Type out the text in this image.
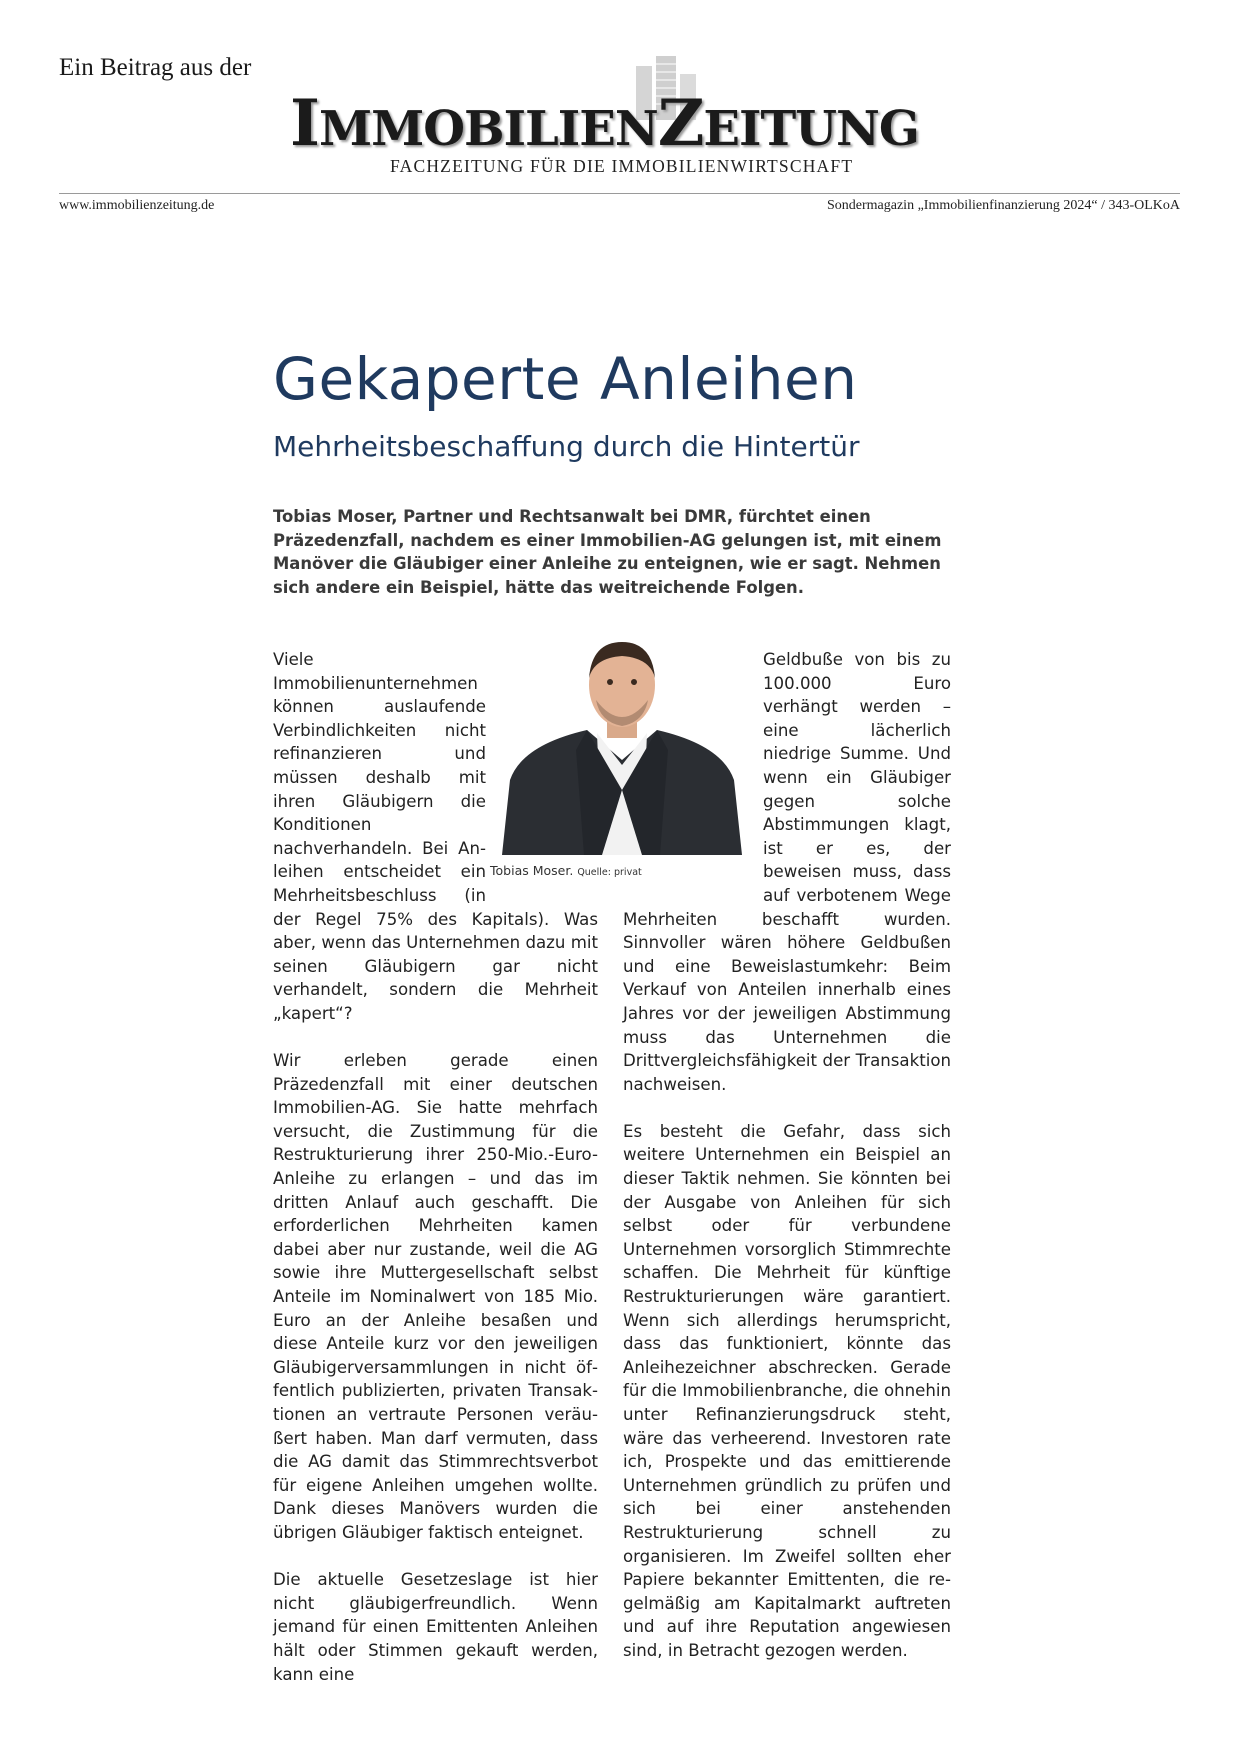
Ein Beitrag aus der
IMMOBILIENZEITUNG
FACHZEITUNG FÜR DIE IMMOBILIENWIRTSCHAFT
www.immobilienzeitung.de	Sondermagazin „Immobilienfinanzierung 2024“ / 343-OLKoA
Gekaperte Anleihen
Mehrheitsbeschaffung durch die Hintertür

Tobias Moser, Partner und Rechtsanwalt bei DMR, fürchtet einen Präzedenzfall, nachdem es einer Immobilien-AG gelungen ist, mit einem Manöver die Gläubiger einer Anleihe zu enteignen, wie er sagt. Nehmen sich andere ein Beispiel, hätte das weitreichende Folgen.

Viele Immobilienunternehmen können auslaufende Verbindlichkeiten nicht refinanzieren und müssen deshalb mit ihren Gläubigern die Konditionen nachverhandeln. Bei Anleihen entscheidet ein Mehrheitsbeschluss (in der Regel 75% des Kapitals). Was aber, wenn das Unternehmen dazu mit seinen Gläubigern gar nicht verhandelt, sondern die Mehrheit „kapert“?

Wir erleben gerade einen Präzedenzfall mit einer deutschen Immobilien-AG. Sie hatte mehrfach versucht, die Zustimmung für die Restrukturierung ihrer 250-Mio.-Euro-Anleihe zu erlangen – und das im dritten Anlauf auch geschafft. Die erforderlichen Mehrheiten kamen dabei aber nur zustande, weil die AG sowie ihre Muttergesellschaft selbst Anteile im Nominalwert von 185 Mio. Euro an der Anleihe besaßen und diese Anteile kurz vor den jeweiligen Gläubigerversammlungen in nicht öffentlich publizierten, privaten Transaktionen an vertraute Personen veräußert haben. Man darf vermuten, dass die AG damit das Stimmrechtsverbot für eigene Anleihen umgehen wollte. Dank dieses Manövers wurden die übrigen Gläubiger faktisch enteignet.

Die aktuelle Gesetzeslage ist hier nicht gläubigerfreundlich. Wenn jemand für einen Emittenten Anleihen hält oder Stimmen gekauft werden, kann eine

Geldbuße von bis zu 100.000 Euro verhängt werden – eine lächerlich niedrige Summe. Und wenn ein Gläubiger gegen solche Abstimmungen klagt, ist er es, der beweisen muss, dass auf verbotenem Wege Mehrheiten beschafft wurden. Sinnvoller wären höhere Geldbußen und eine Beweislastumkehr: Beim Verkauf von Anteilen innerhalb eines Jahres vor der jeweiligen Abstimmung muss das Unternehmen die Drittvergleichsfähigkeit der Transaktion nachweisen.

Es besteht die Gefahr, dass sich weitere Unternehmen ein Beispiel an dieser Taktik nehmen. Sie könnten bei der Ausgabe von Anleihen für sich selbst oder für verbundene Unternehmen vorsorglich Stimmrechte schaffen. Die Mehrheit für künftige Restrukturierungen wäre garantiert. Wenn sich allerdings herumspricht, dass das funktioniert, könnte das Anleihezeichner abschrecken. Gerade für die Immobilienbranche, die ohnehin unter Refinanzierungsdruck steht, wäre das verheerend. Investoren rate ich, Prospekte und das emittierende Unternehmen gründlich zu prüfen und sich bei einer anstehenden Restrukturierung schnell zu organisieren. Im Zweifel sollten eher Papiere bekannter Emittenten, die regelmäßig am Kapitalmarkt auftreten und auf ihre Reputation angewiesen sind, in Betracht gezogen werden.

Tobias Moser. Quelle: privat
